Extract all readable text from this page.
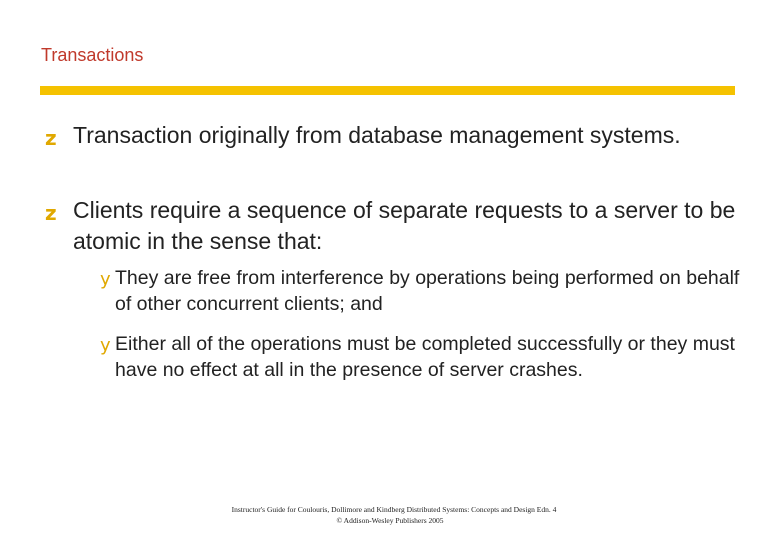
Transactions
z Transaction originally from database management systems.
z Clients require a sequence of separate requests to a server to be atomic in the sense that:
y They are free from interference by operations being performed on behalf of other concurrent clients; and
y Either all of the operations must be completed successfully or they must have no effect at all in the presence of server crashes.
Instructor's Guide for Coulouris, Dollimore and Kindberg Distributed Systems: Concepts and Design Edn. 4
© Addison-Wesley Publishers 2005
